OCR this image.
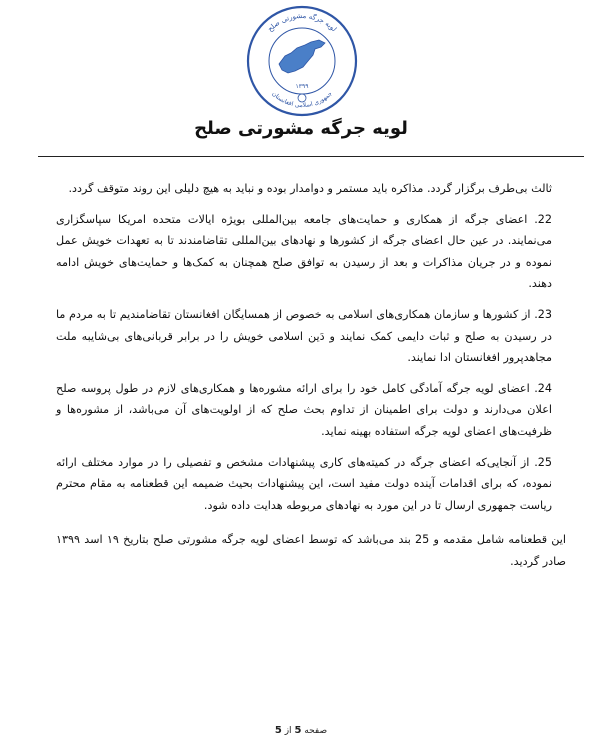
لویه جرگه مشورتی صلح
جمهوری اسلامی افغانستان
۱۳۹۹
لویه جرگه مشورتی صلح

ثالث بی‌طرف برگزار گردد. مذاکره باید مستمر و دوامدار بوده و نباید به هیچ دلیلی این روند متوقف گردد.

22. اعضای جرگه از همکاری و حمایت‌های جامعه بین‌المللی بویژه ایالات متحده امریکا سپاسگزاری می‌نمایند. در عین حال اعضای جرگه از کشورها و نهادهای بین‌المللی تقاضامندند تا به تعهدات خویش عمل نموده و در جریان مذاکرات و بعد از رسیدن به توافق صلح همچنان به کمک‌ها و حمایت‌های خویش ادامه دهند.

23. از کشورها و سازمان همکاری‌های اسلامی به خصوص از همسایگان افغانستان تقاضامندیم تا به مردم ما در رسیدن به صلح و ثبات دایمی کمک نمایند و دَین اسلامی خویش را در برابر قربانی‌های بی‌شایبه ملت مجاهدپرور افغانستان ادا نمایند.

24. اعضای لویه جرگه آمادگی کامل خود را برای ارائه مشوره‌ها و همکاری‌های لازم در طول پروسه صلح اعلان می‌دارند و دولت برای اطمینان از تداوم بحث صلح که از اولویت‌های آن می‌باشد، از مشوره‌ها و ظرفیت‌های اعضای لویه جرگه استفاده بهینه نماید.

25. از آنجایی‌که اعضای جرگه در کمیته‌های کاری پیشنهادات مشخص و تفصیلی را در موارد مختلف ارائه نموده، که برای اقدامات آینده دولت مفید است، این پیشنهادات بحیث ضمیمه این قطعنامه به مقام محترم ریاست جمهوری ارسال تا در این مورد به نهادهای مربوطه هدایت داده شود.

این قطعنامه شامل مقدمه و 25 بند می‌باشد که توسط اعضای لویه جرگه مشورتی صلح بتاریخ ۱۹ اسد ۱۳۹۹ صادر گردید.

صفحه 5 از 5
